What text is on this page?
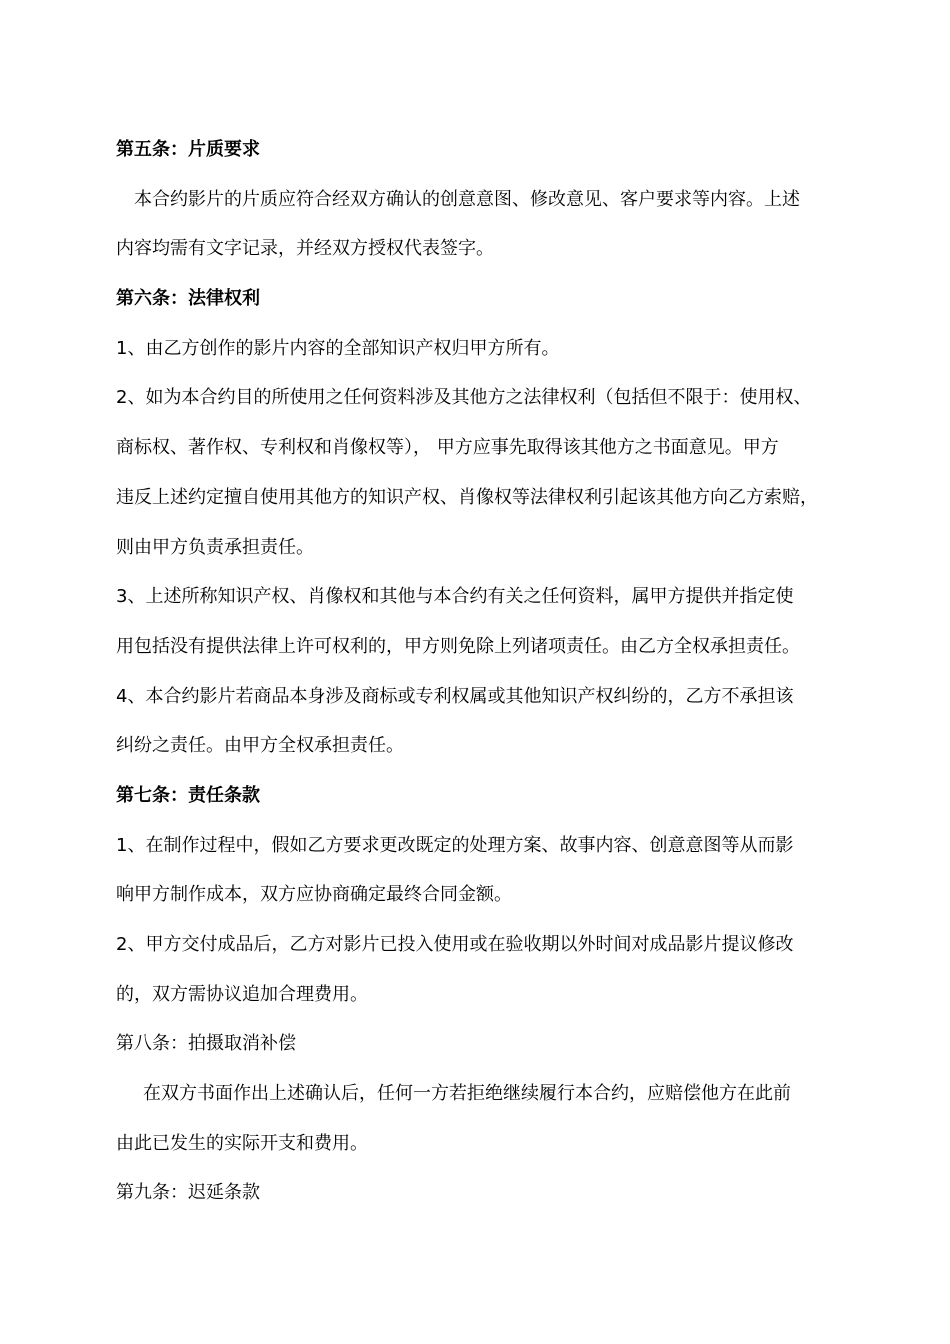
第五条：片质要求
本合约影片的片质应符合经双方确认的创意意图、修改意见、客户要求等内容。上述
内容均需有文字记录，并经双方授权代表签字。
第六条：法律权利
1、由乙方创作的影片内容的全部知识产权归甲方所有。
2、如为本合约目的所使用之任何资料涉及其他方之法律权利（包括但不限于：使用权、
商标权、著作权、专利权和肖像权等）， 甲方应事先取得该其他方之书面意见。甲方
违反上述约定擅自使用其他方的知识产权、肖像权等法律权利引起该其他方向乙方索赔，
则由甲方负责承担责任。
3、上述所称知识产权、肖像权和其他与本合约有关之任何资料，属甲方提供并指定使
用包括没有提供法律上许可权利的，甲方则免除上列诸项责任。由乙方全权承担责任。
4、本合约影片若商品本身涉及商标或专利权属或其他知识产权纠纷的，乙方不承担该
纠纷之责任。由甲方全权承担责任。
第七条：责任条款
1、在制作过程中，假如乙方要求更改既定的处理方案、故事内容、创意意图等从而影
响甲方制作成本，双方应协商确定最终合同金额。
2、甲方交付成品后，乙方对影片已投入使用或在验收期以外时间对成品影片提议修改
的，双方需协议追加合理费用。
第八条：拍摄取消补偿
在双方书面作出上述确认后，任何一方若拒绝继续履行本合约，应赔偿他方在此前
由此已发生的实际开支和费用。
第九条：迟延条款
